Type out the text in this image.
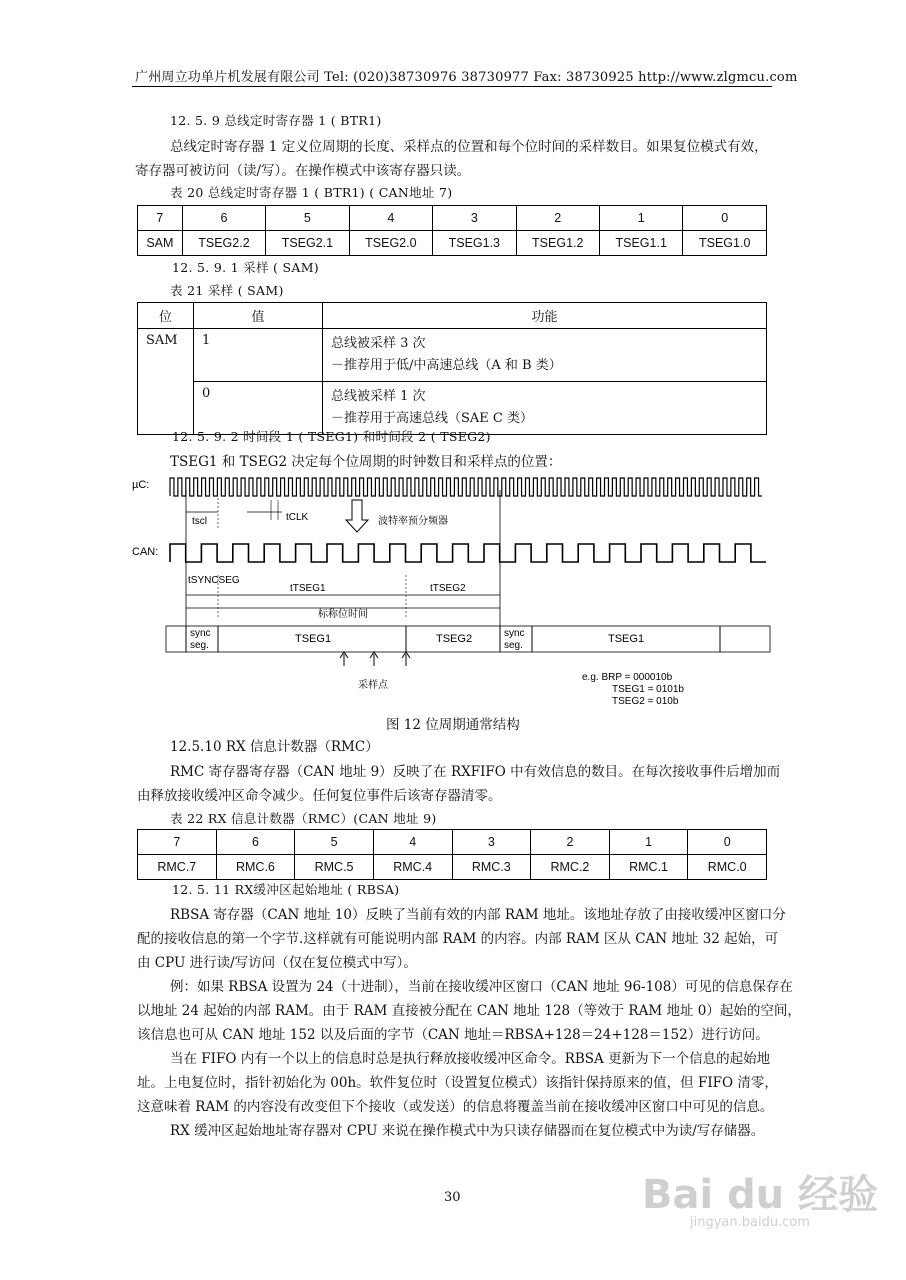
广州周立功单片机发展有限公司 Tel: (020)38730976 38730977 Fax: 38730925 http://www.zlgmcu.com
12. 5. 9 总线定时寄存器 1 ( BTR1)
总线定时寄存器 1 定义位周期的长度、采样点的位置和每个位时间的采样数目。如果复位模式有效，
寄存器可被访问（读/写）。在操作模式中该寄存器只读。
表 20 总线定时寄存器 1 ( BTR1) ( CAN地址 7)
7	6	5	4	3	2	1	0
SAM	TSEG2.2	TSEG2.1	TSEG2.0	TSEG1.3	TSEG1.2	TSEG1.1	TSEG1.0
12. 5. 9. 1 采样 ( SAM)
表 21 采样 ( SAM)
位	值	功能
SAM	1	总线被采样 3 次
－推荐用于低/中高速总线（A 和 B 类）

	0	总线被采样 1 次
－推荐用于高速总线（SAE C 类）
12. 5. 9. 2 时间段 1 ( TSEG1) 和时间段 2 ( TSEG2)
TSEG1 和 TSEG2 决定每个位周期的时钟数目和采样点的位置：
µC:
CAN:
tscl	tCLK	波特率预分频器
tSYNCSEG
tTSEG1	tTSEG2
标称位时间
sync
seg.
TSEG1	TSEG2	sync
seg.
TSEG1
采样点
e.g. BRP = 000010b
TSEG1 = 0101b
TSEG2 = 010b
图 12 位周期通常结构
12.5.10 RX 信息计数器（RMC）
RMC 寄存器寄存器（CAN 地址 9）反映了在 RXFIFO 中有效信息的数目。在每次接收事件后增加而
由释放接收缓冲区命令减少。任何复位事件后该寄存器清零。
表 22 RX 信息计数器（RMC）(CAN 地址 9)
7	6	5	4	3	2	1	0
RMC.7	RMC.6	RMC.5	RMC.4	RMC.3	RMC.2	RMC.1	RMC.0
12. 5. 11 RX缓冲区起始地址 ( RBSA)
RBSA 寄存器（CAN 地址 10）反映了当前有效的内部 RAM 地址。该地址存放了由接收缓冲区窗口分
配的接收信息的第一个字节.这样就有可能说明内部 RAM 的内容。内部 RAM 区从 CAN 地址 32 起始，可
由 CPU 进行读/写访问（仅在复位模式中写）。
例：如果 RBSA 设置为 24（十进制），当前在接收缓冲区窗口（CAN 地址 96-108）可见的信息保存在
以地址 24 起始的内部 RAM。由于 RAM 直接被分配在 CAN 地址 128（等效于 RAM 地址 0）起始的空间，
该信息也可从 CAN 地址 152 以及后面的字节（CAN 地址＝RBSA+128＝24+128＝152）进行访问。
当在 FIFO 内有一个以上的信息时总是执行释放接收缓冲区命令。RBSA 更新为下一个信息的起始地
址。上电复位时，指针初始化为 00h。软件复位时（设置复位模式）该指针保持原来的值，但 FIFO 清零，
这意味着 RAM 的内容没有改变但下个接收（或发送）的信息将覆盖当前在接收缓冲区窗口中可见的信息。
RX 缓冲区起始地址寄存器对 CPU 来说在操作模式中为只读存储器而在复位模式中为读/写存储器。
30	Bai du 经验
jingyan.baidu.com
